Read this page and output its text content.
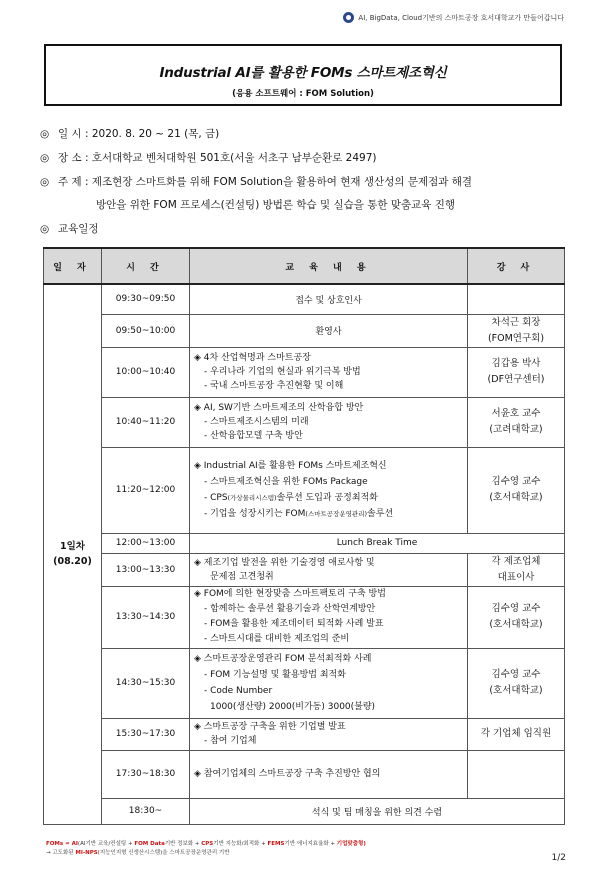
AI, BigData, Cloud기반의 스마트공장 호서대학교가 만들어갑니다
Industrial AI를 활용한 FOMs 스마트제조혁신
(응용 소프트웨어 : FOM Solution)
◎ 일 시 : 2020. 8. 20 ~ 21 (목, 금)
◎ 장 소 : 호서대학교 벤처대학원 501호(서울 서초구 남부순환로 2497)
◎ 주 제 : 제조현장 스마트화를 위해 FOM Solution을 활용하여 현재 생산성의 문제점과 해결
방안을 위한 FOM 프로세스(컨설팅) 방법론 학습 및 실습을 통한 맞춤교육 진행
◎ 교육일정
일 자	시 간	교 육 내 용	강 사
1일차
(08.20)	09:30~09:50	접수 및 상호인사	
	09:50~10:00	환영사	차석근 회장
(FOM연구회)
	10:00~10:40	◈ 4차 산업혁명과 스마트공장
- 우리나라 기업의 현실과 위기극복 방법
- 국내 스마트공장 추진현황 및 이해	김갑용 박사
(DF연구센터)
	10:40~11:20	◈ AI, SW기반 스마트제조의 산학융합 방안
- 스마트제조시스템의 미래
- 산학융합모델 구축 방안	서윤호 교수
(고려대학교)
	11:20~12:00	◈ Industrial AI를 활용한 FOMs 스마트제조혁신
- 스마트제조혁신을 위한 FOMs Package
- CPS(가상물리시스템)솔루션 도입과 공정최적화
- 기업을 성장시키는 FOM(스마트공장운영관리)솔루션	김수영 교수
(호서대학교)
	12:00~13:00	Lunch Break Time	
	13:00~13:30	◈ 제조기업 발전을 위한 기술경영 애로사항 및
문제점 고견청취	각 제조업체
대표이사
	13:30~14:30	◈ FOM에 의한 현장맞춤 스마트팩토리 구축 방법
- 함께하는 솔루션 활용기술과 산학연계방안
- FOM을 활용한 제조데이터 퇴적화 사례 발표
- 스마트시대를 대비한 제조업의 준비	김수영 교수
(호서대학교)
	14:30~15:30	◈ 스마트공장운영관리 FOM 분석최적화 사례
- FOM 기능설명 및 활용방법 최적화
- Code Number
1000(생산량) 2000(비가동) 3000(불량)	김수영 교수
(호서대학교)
	15:30~17:30	◈ 스마트공장 구축을 위한 기업별 발표
- 참여 기업체	각 기업체 임직원
	17:30~18:30	◈ 참여기업체의 스마트공장 구축 추진방안 협의	
	18:30~	석식 및 팀 매칭을 위한 의견 수렴	
FOMs = AI(AI기반 교육/컨설팅 + FOM Data기반 정보화 + CPS기반 지능화/최적화 + FEMS기반 에너지효율화 + 기업맞춤형)
→ 고도화된 MI-NPS(지능인지형 신생산시스템)을 스마트공장운영관리 기반	1/2
